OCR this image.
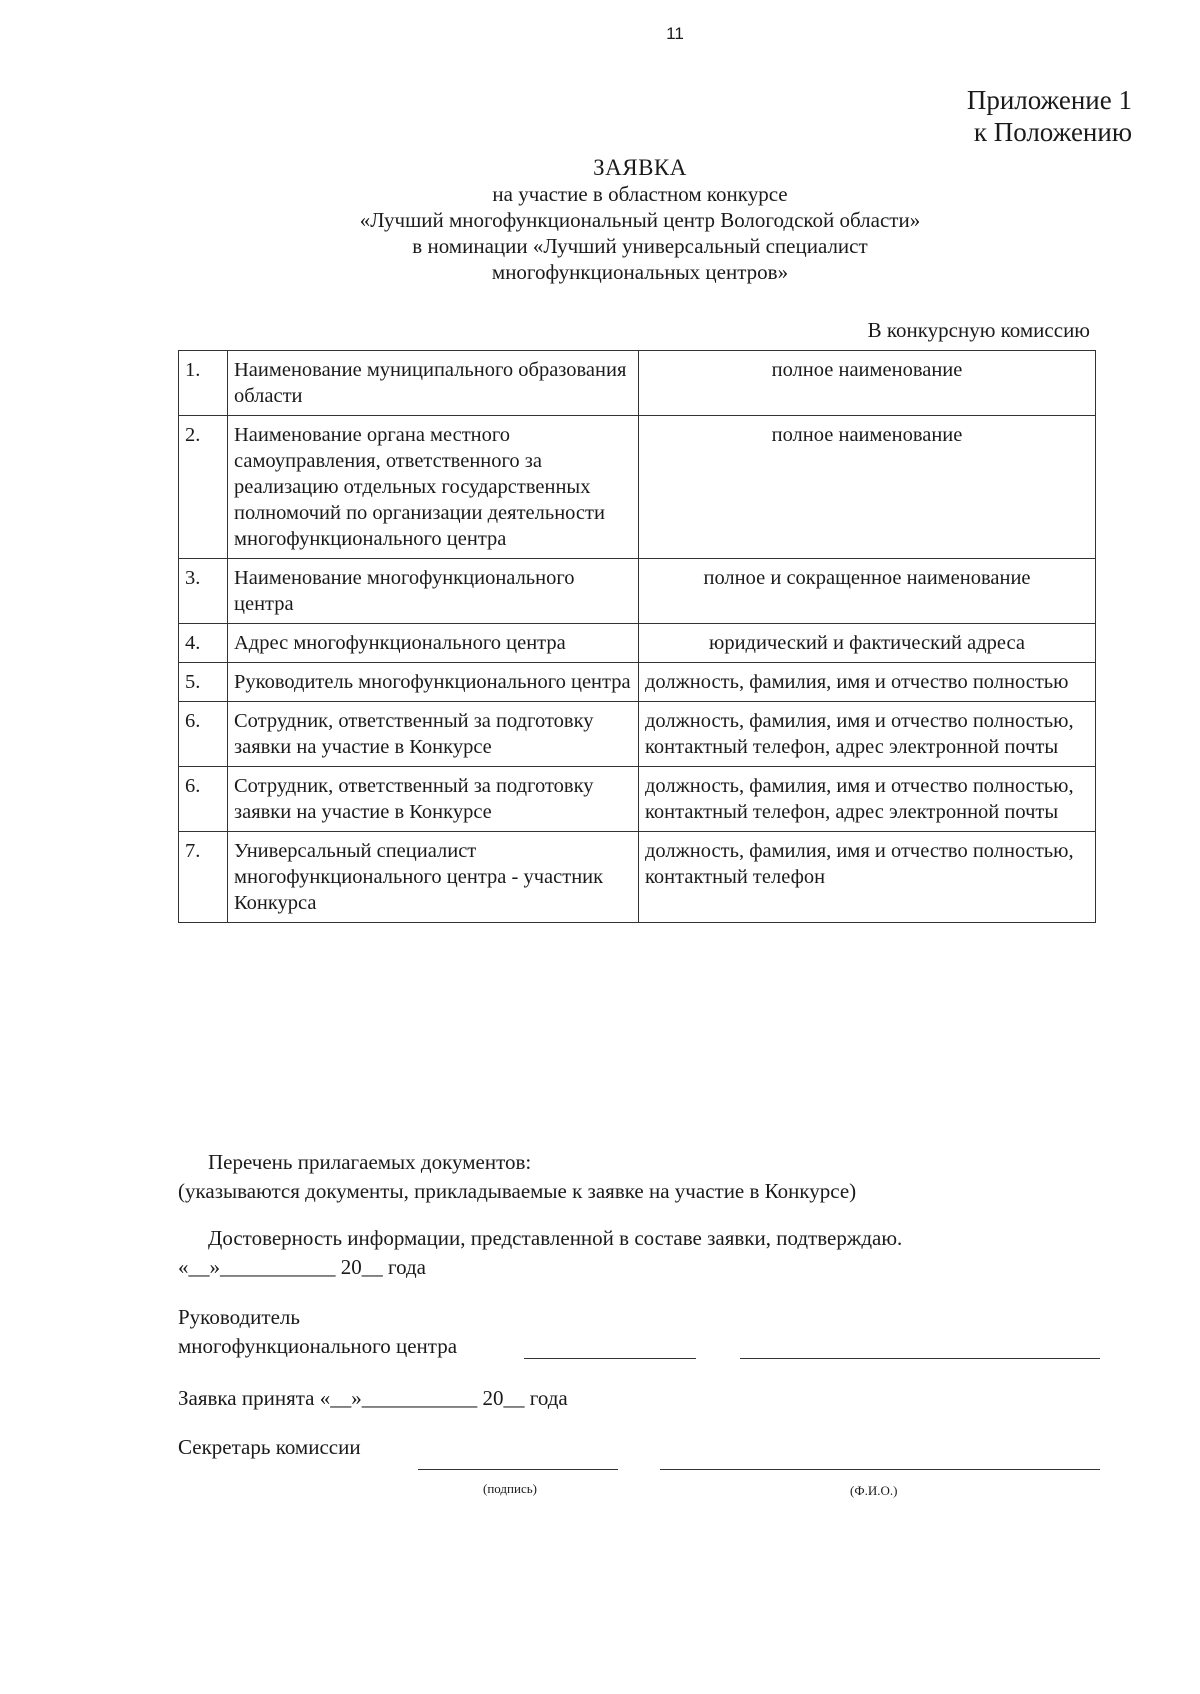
11
Приложение 1
к Положению
ЗАЯВКА
на участие в областном конкурсе
«Лучший многофункциональный центр Вологодской области»
в номинации «Лучший универсальный специалист
многофункциональных центров»
В конкурсную комиссию
1.	Наименование муниципального образования области	полное наименование
2.	Наименование органа местного самоуправления, ответственного за реализацию отдельных государственных полномочий по организации деятельности многофункционального центра	полное наименование
3.	Наименование многофункционального центра	полное и сокращенное наименование
4.	Адрес многофункционального центра	юридический и фактический адреса
5.	Руководитель многофункционального центра	должность, фамилия, имя и отчество полностью
6.	Сотрудник, ответственный за подготовку заявки на участие в Конкурсе	должность, фамилия, имя и отчество полностью, контактный телефон, адрес электронной почты
6.	Сотрудник, ответственный за подготовку заявки на участие в Конкурсе	должность, фамилия, имя и отчество полностью, контактный телефон, адрес электронной почты
7.	Универсальный специалист многофункционального центра - участник Конкурса	должность, фамилия, имя и отчество полностью, контактный телефон
Перечень прилагаемых документов:
(указываются документы, прикладываемые к заявке на участие в Конкурсе)
Достоверность информации, представленной в составе заявки, подтверждаю.
«__»___________ 20__ года
Руководитель
многофункционального центра
Заявка принята «__»___________ 20__ года
Секретарь комиссии
(подпись)	(Ф.И.О.)
